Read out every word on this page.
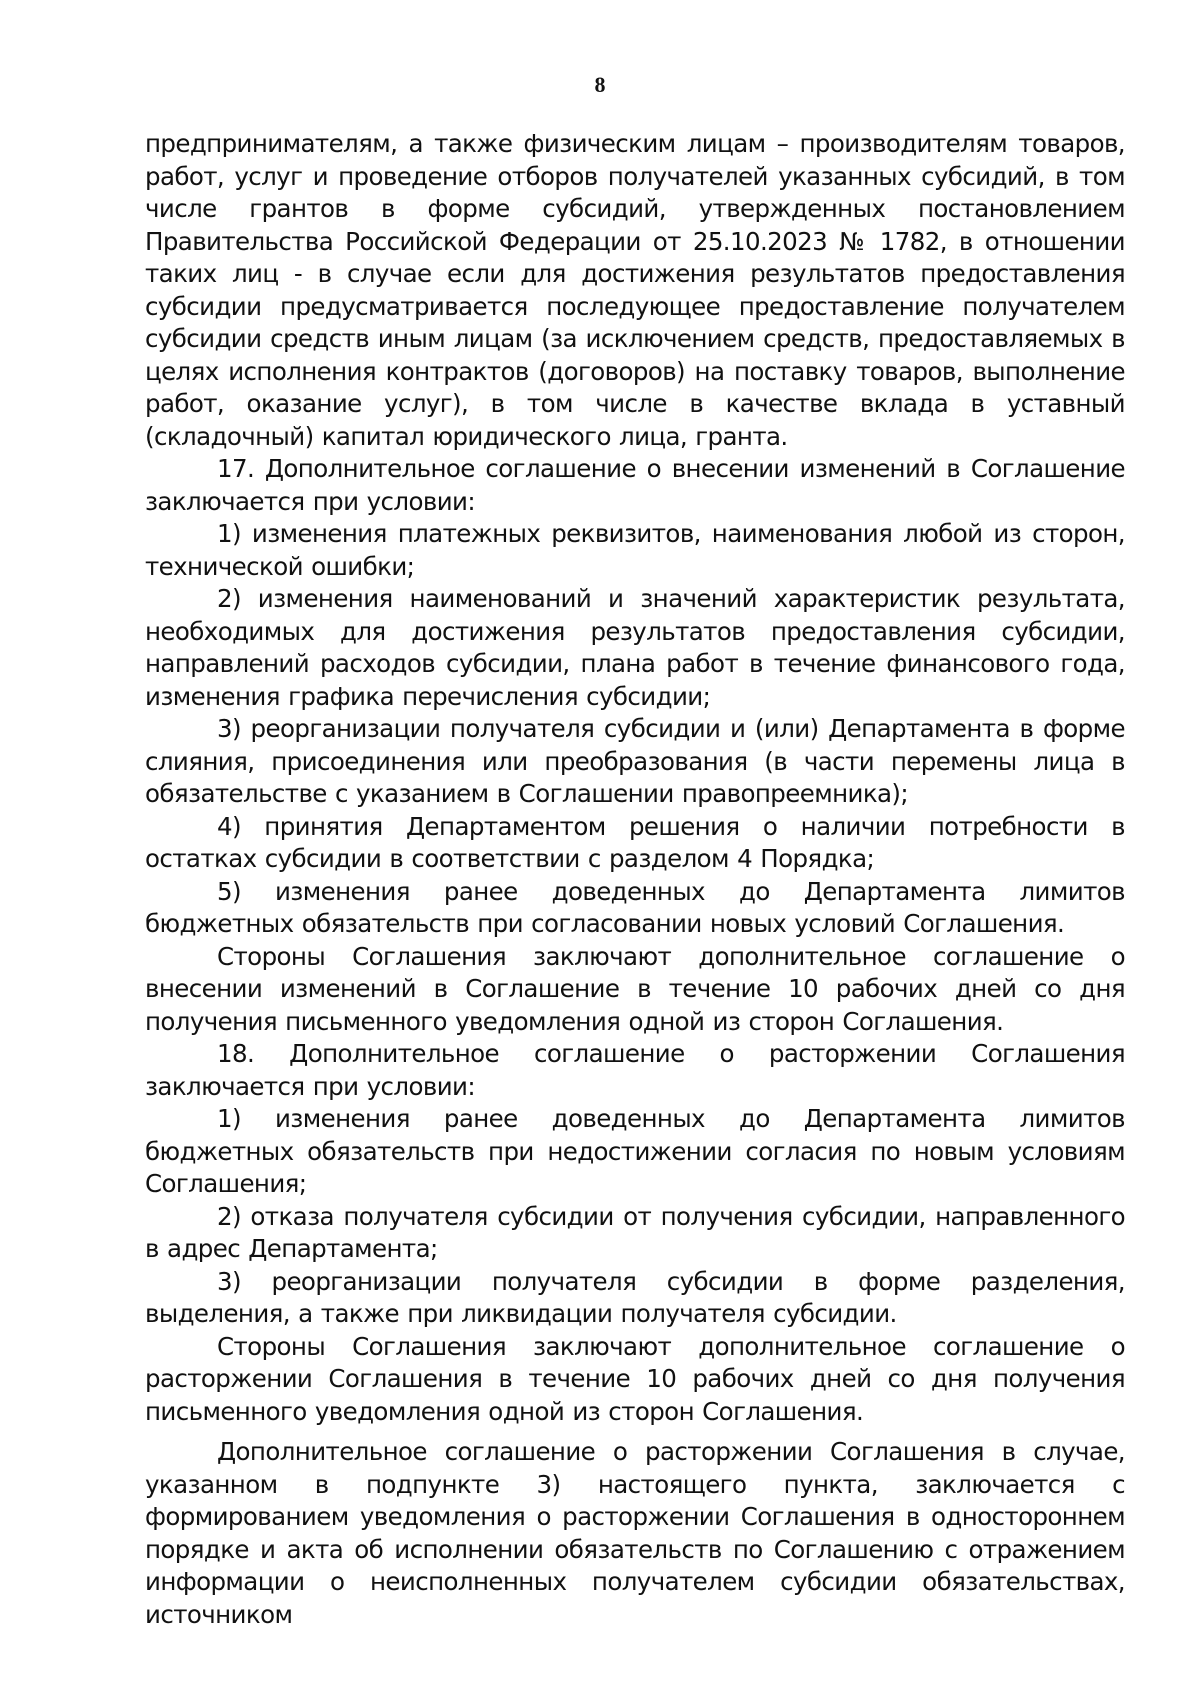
8

предпринимателям, а также физическим лицам – производителям товаров, работ, услуг и проведение отборов получателей указанных субсидий, в том числе грантов в форме субсидий, утвержденных постановлением Правительства Российской Федерации от 25.10.2023 № 1782, в отношении таких лиц - в случае если для достижения результатов предоставления субсидии предусматривается последующее предоставление получателем субсидии средств иным лицам (за исключением средств, предоставляемых в целях исполнения контрактов (договоров) на поставку товаров, выполнение работ, оказание услуг), в том числе в качестве вклада в уставный (складочный) капитал юридического лица, гранта.

17. Дополнительное соглашение о внесении изменений в Соглашение заключается при условии:

1) изменения платежных реквизитов, наименования любой из сторон, технической ошибки;

2) изменения наименований и значений характеристик результата, необходимых для достижения результатов предоставления субсидии, направлений расходов субсидии, плана работ в течение финансового года, изменения графика перечисления субсидии;

3) реорганизации получателя субсидии и (или) Департамента в форме слияния, присоединения или преобразования (в части перемены лица в обязательстве с указанием в Соглашении правопреемника);

4) принятия Департаментом решения о наличии потребности в остатках субсидии в соответствии с разделом 4 Порядка;

5) изменения ранее доведенных до Департамента лимитов бюджетных обязательств при согласовании новых условий Соглашения.

Стороны Соглашения заключают дополнительное соглашение о внесении изменений в Соглашение в течение 10 рабочих дней со дня получения письменного уведомления одной из сторон Соглашения.

18. Дополнительное соглашение о расторжении Соглашения заключается при условии:

1) изменения ранее доведенных до Департамента лимитов бюджетных обязательств при недостижении согласия по новым условиям Соглашения;

2) отказа получателя субсидии от получения субсидии, направленного в адрес Департамента;

3) реорганизации получателя субсидии в форме разделения, выделения, а также при ликвидации получателя субсидии.

Стороны Соглашения заключают дополнительное соглашение о расторжении Соглашения в течение 10 рабочих дней со дня получения письменного уведомления одной из сторон Соглашения.

Дополнительное соглашение о расторжении Соглашения в случае, указанном в подпункте 3) настоящего пункта, заключается с формированием уведомления о расторжении Соглашения в одностороннем порядке и акта об исполнении обязательств по Соглашению с отражением информации о неисполненных получателем субсидии обязательствах, источником
